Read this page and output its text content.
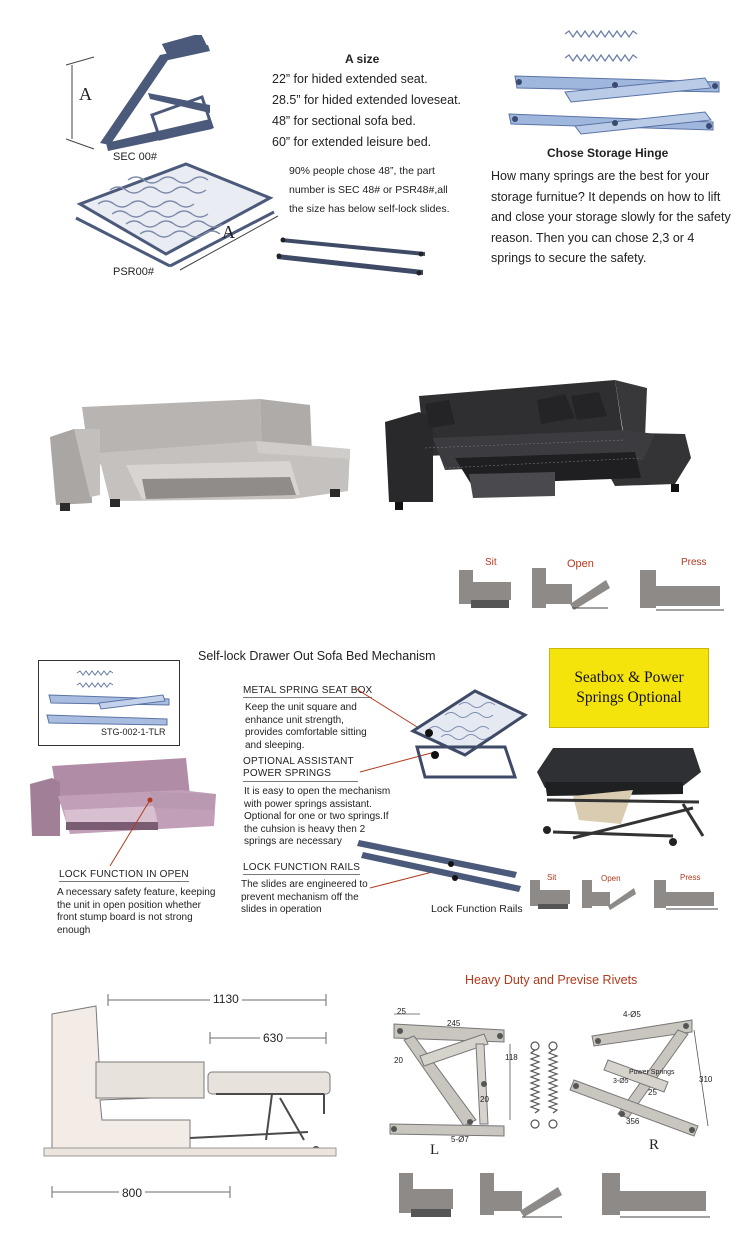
A
SEC 00#
A
PSR00#
A size
22” for hided extended seat.
28.5” for hided extended loveseat.
48” for sectional sofa bed.
60” for extended leisure bed.
90% people chose 48”, the part number is SEC 48# or PSR48#,all the size has below self-lock slides.
Chose Storage Hinge
How many springs are the best for your storage furnitue? It depends on how to lift and close your storage slowly for the safety reason. Then you can chose 2,3 or 4 springs to secure the safety.
Sit	Open	Press
Self-lock Drawer Out Sofa Bed Mechanism
STG-002-1-TLR
Seatbox & Power Springs Optional
METAL SPRING SEAT BOX
Keep the unit square and enhance unit strength, provides comfortable sitting and sleeping.
OPTIONAL ASSISTANT POWER SPRINGS
It is easy to open the mechanism with power springs assistant. Optional for one or two springs.If the cuhsion is heavy then 2 springs are necessary
LOCK FUNCTION RAILS
The slides are engineered to prevent mechanism off the slides in operation
LOCK FUNCTION IN OPEN
A necessary safety feature, keeping the unit in open position whether front stump board is not strong enough
Lock Function Rails
Sit	Open	Press
Heavy Duty and Previse Rivets
1130
630
800
25
245
20
20
118
5-Ø7
L
4-Ø5
3-Ø5
Power Springs
25
356
310
R
